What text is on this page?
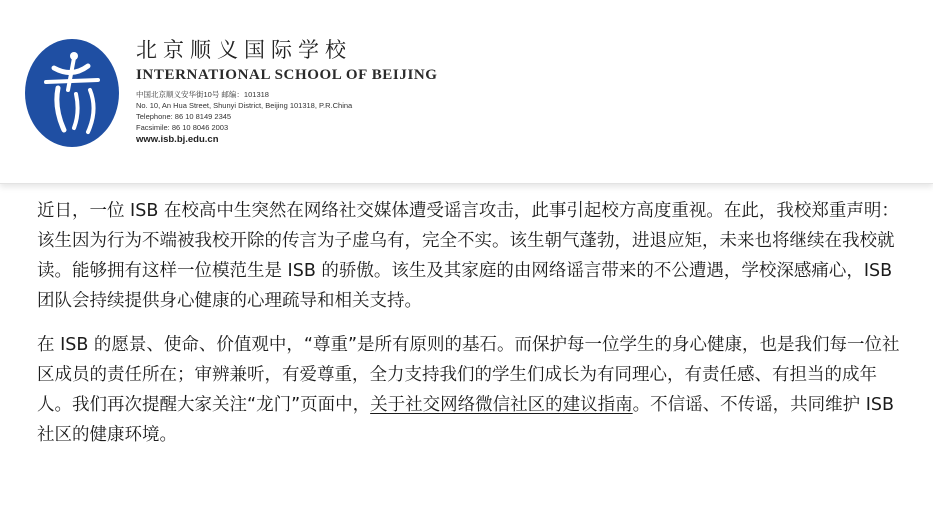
北京顺义国际学校
INTERNATIONAL SCHOOL OF BEIJING
中国北京顺义安华街10号 邮编：101318
No. 10, An Hua Street, Shunyi District, Beijing 101318, P.R.China
Telephone: 86 10 8149 2345
Facsimile: 86 10 8046 2003
www.isb.bj.edu.cn

近日，一位 ISB 在校高中生突然在网络社交媒体遭受谣言攻击，此事引起校方高度重视。在此，我校郑重声明：该生因为行为不端被我校开除的传言为子虚乌有，完全不实。该生朝气蓬勃，进退应矩，未来也将继续在我校就读。能够拥有这样一位模范生是 ISB 的骄傲。该生及其家庭的由网络谣言带来的不公遭遇，学校深感痛心，ISB 团队会持续提供身心健康的心理疏导和相关支持。

在 ISB 的愿景、使命、价值观中，“尊重”是所有原则的基石。而保护每一位学生的身心健康，也是我们每一位社区成员的责任所在；审辨兼听，有爱尊重，全力支持我们的学生们成长为有同理心，有责任感、有担当的成年人。我们再次提醒大家关注“龙门”页面中，关于社交网络微信社区的建议指南。不信谣、不传谣，共同维护 ISB 社区的健康环境。
